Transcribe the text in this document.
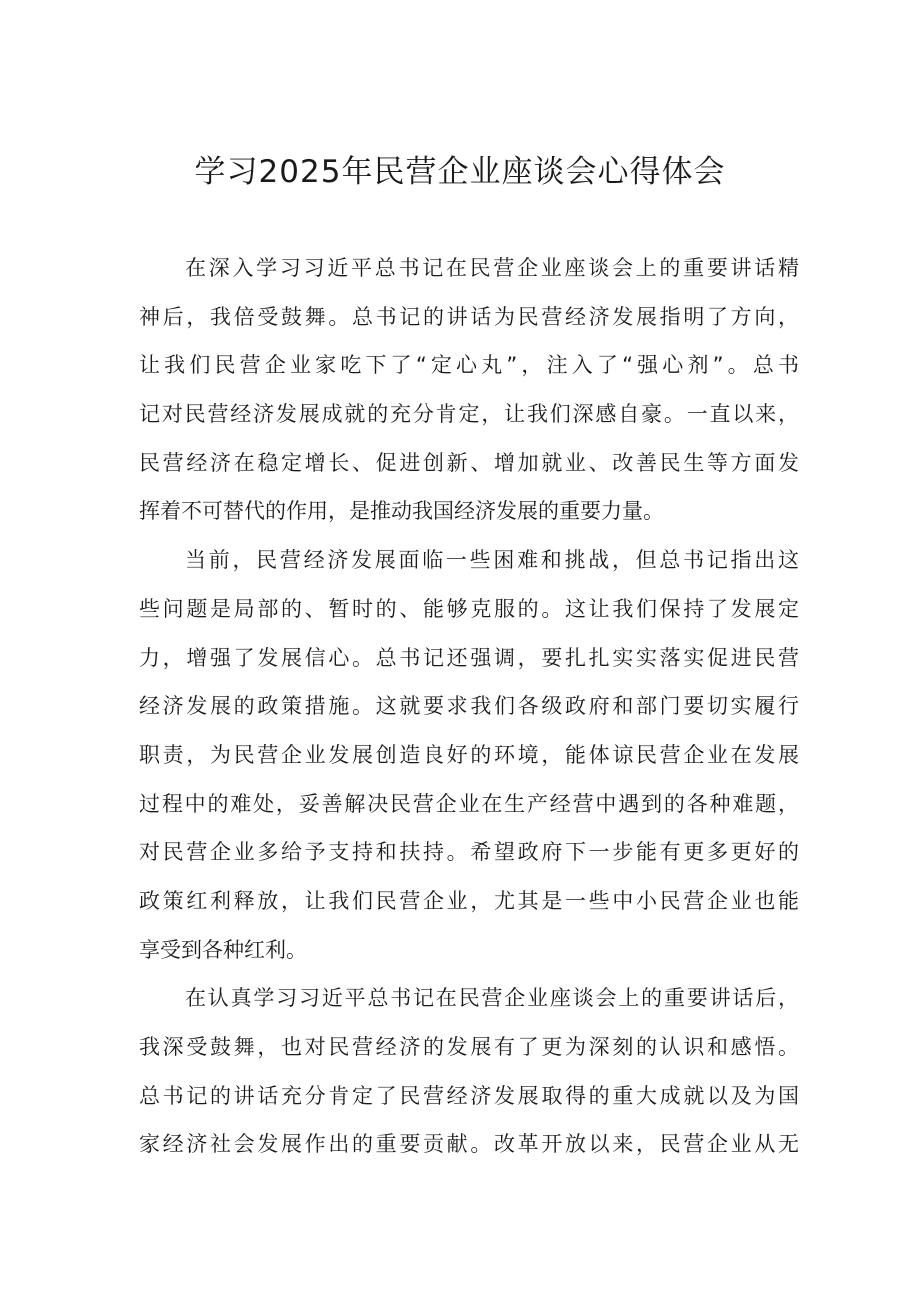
学习2025年民营企业座谈会心得体会

在深入学习习近平总书记在民营企业座谈会上的重要讲话精
神后，我倍受鼓舞。总书记的讲话为民营经济发展指明了方向，
让我们民营企业家吃下了“定心丸”，注入了“强心剂”。总书
记对民营经济发展成就的充分肯定，让我们深感自豪。一直以来，
民营经济在稳定增长、促进创新、增加就业、改善民生等方面发
挥着不可替代的作用，是推动我国经济发展的重要力量。

当前，民营经济发展面临一些困难和挑战，但总书记指出这
些问题是局部的、暂时的、能够克服的。这让我们保持了发展定
力，增强了发展信心。总书记还强调，要扎扎实实落实促进民营
经济发展的政策措施。这就要求我们各级政府和部门要切实履行
职责，为民营企业发展创造良好的环境，能体谅民营企业在发展
过程中的难处，妥善解决民营企业在生产经营中遇到的各种难题，
对民营企业多给予支持和扶持。希望政府下一步能有更多更好的
政策红利释放，让我们民营企业，尤其是一些中小民营企业也能
享受到各种红利。

在认真学习习近平总书记在民营企业座谈会上的重要讲话后，
我深受鼓舞，也对民营经济的发展有了更为深刻的认识和感悟。
总书记的讲话充分肯定了民营经济发展取得的重大成就以及为国
家经济社会发展作出的重要贡献。改革开放以来，民营企业从无
